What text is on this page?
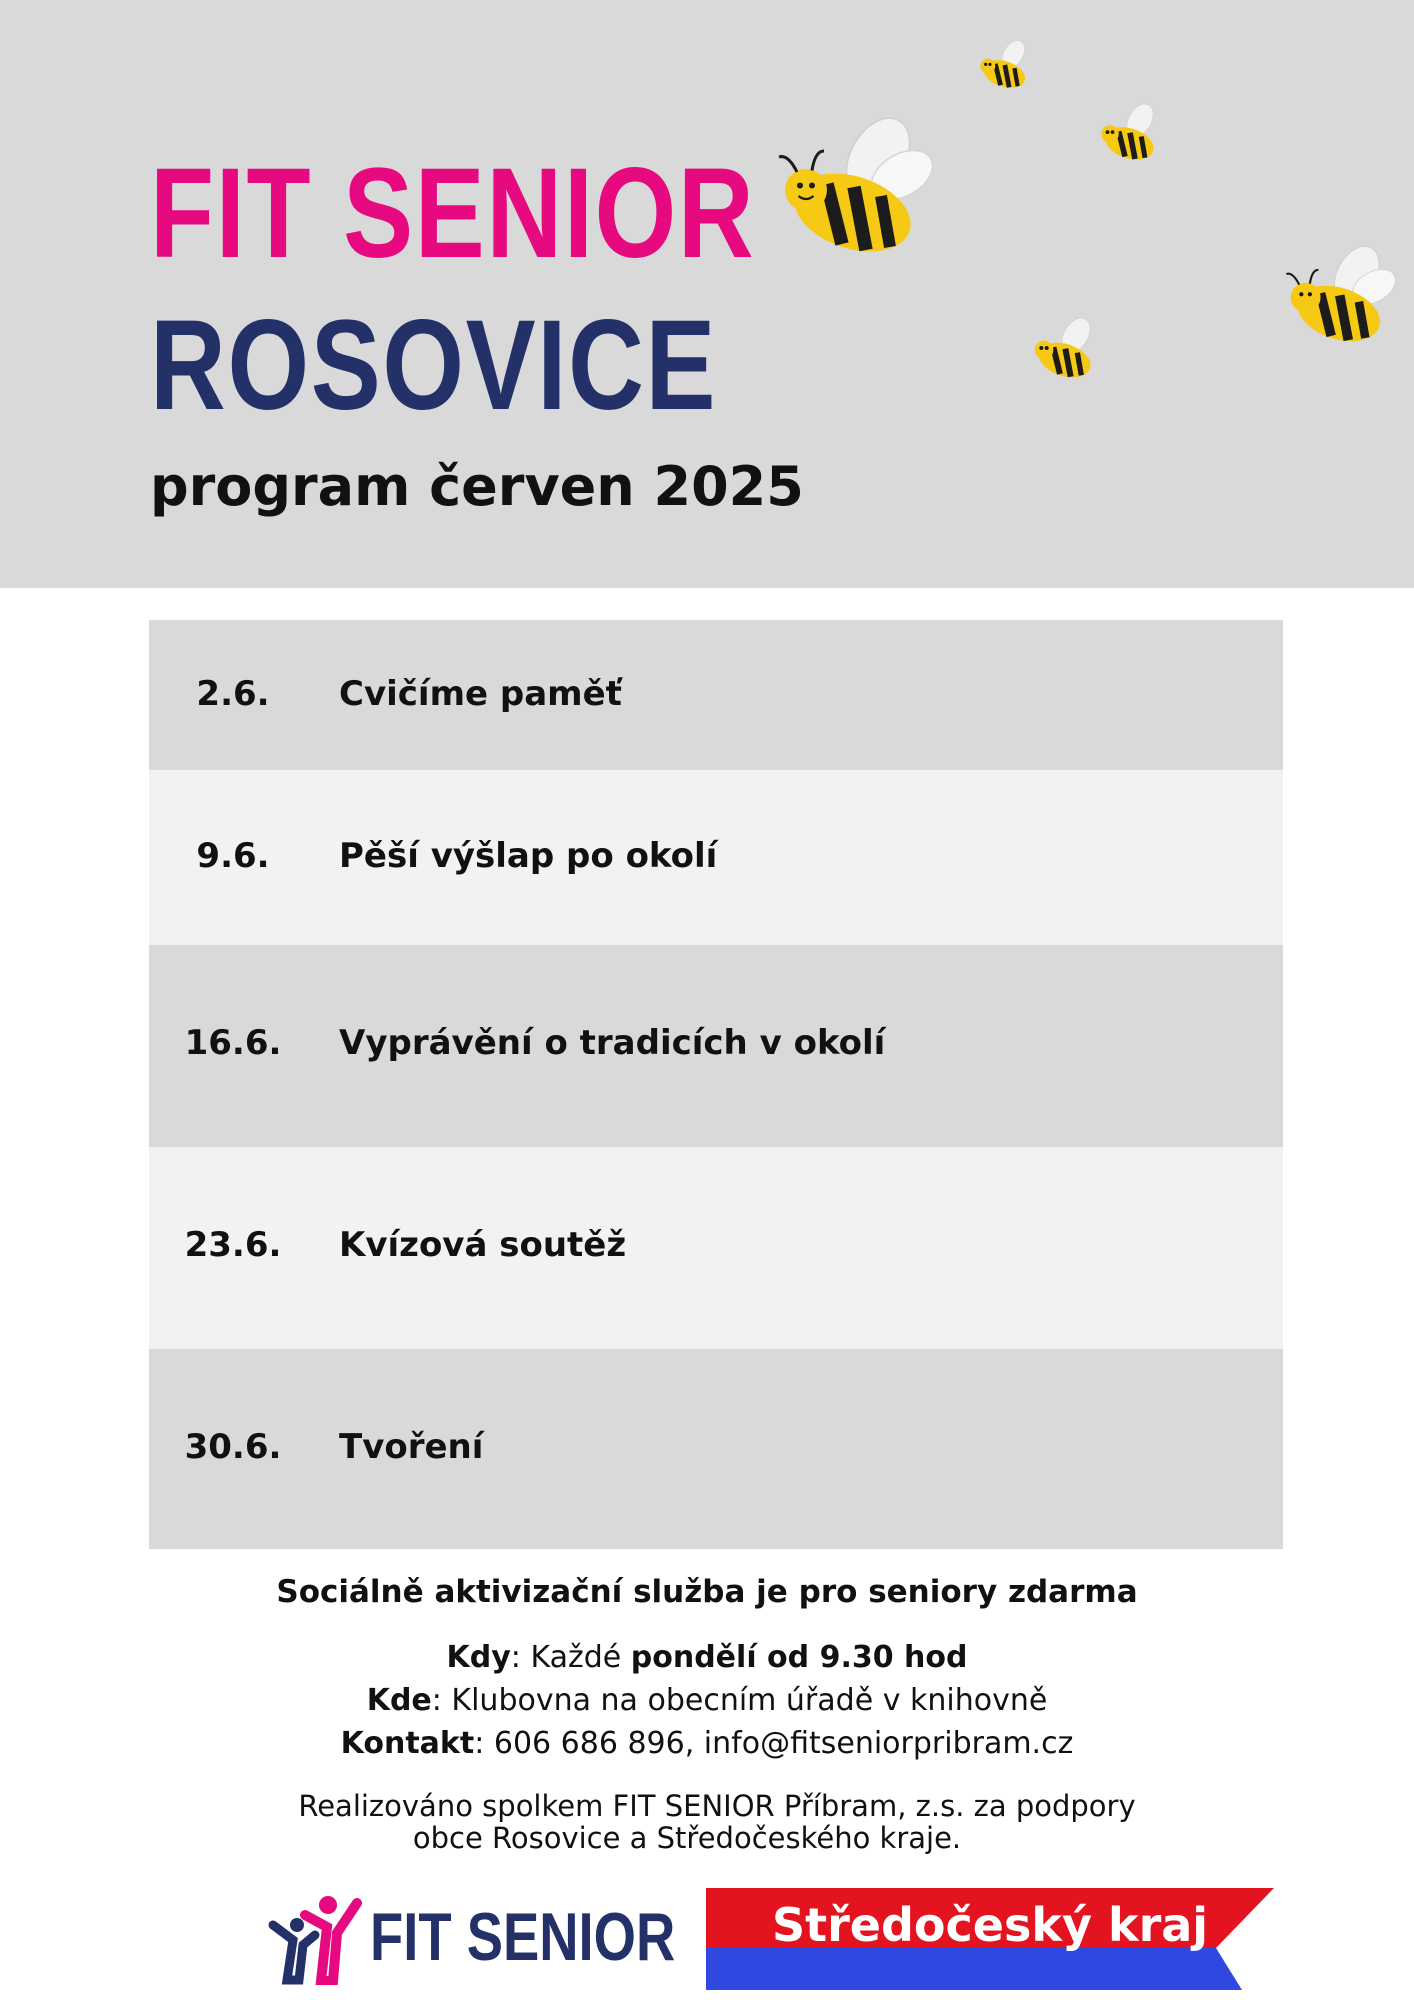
FIT SENIOR
ROSOVICE
program červen 2025
2.6.	Cvičíme paměť
9.6.	Pěší výšlap po okolí
16.6.	Vyprávění o tradicích v okolí
23.6.	Kvízová soutěž
30.6.	Tvoření
Sociálně aktivizační služba je pro seniory zdarma
Kdy: Každé pondělí od 9.30 hod
Kde: Klubovna na obecním úřadě v knihovně
Kontakt: 606 686 896, info@fitseniorpribram.cz
Realizováno spolkem FIT SENIOR Příbram, z.s. za podpory
obce Rosovice a Středočeského kraje.
FIT SENIOR Středočeský kraj
